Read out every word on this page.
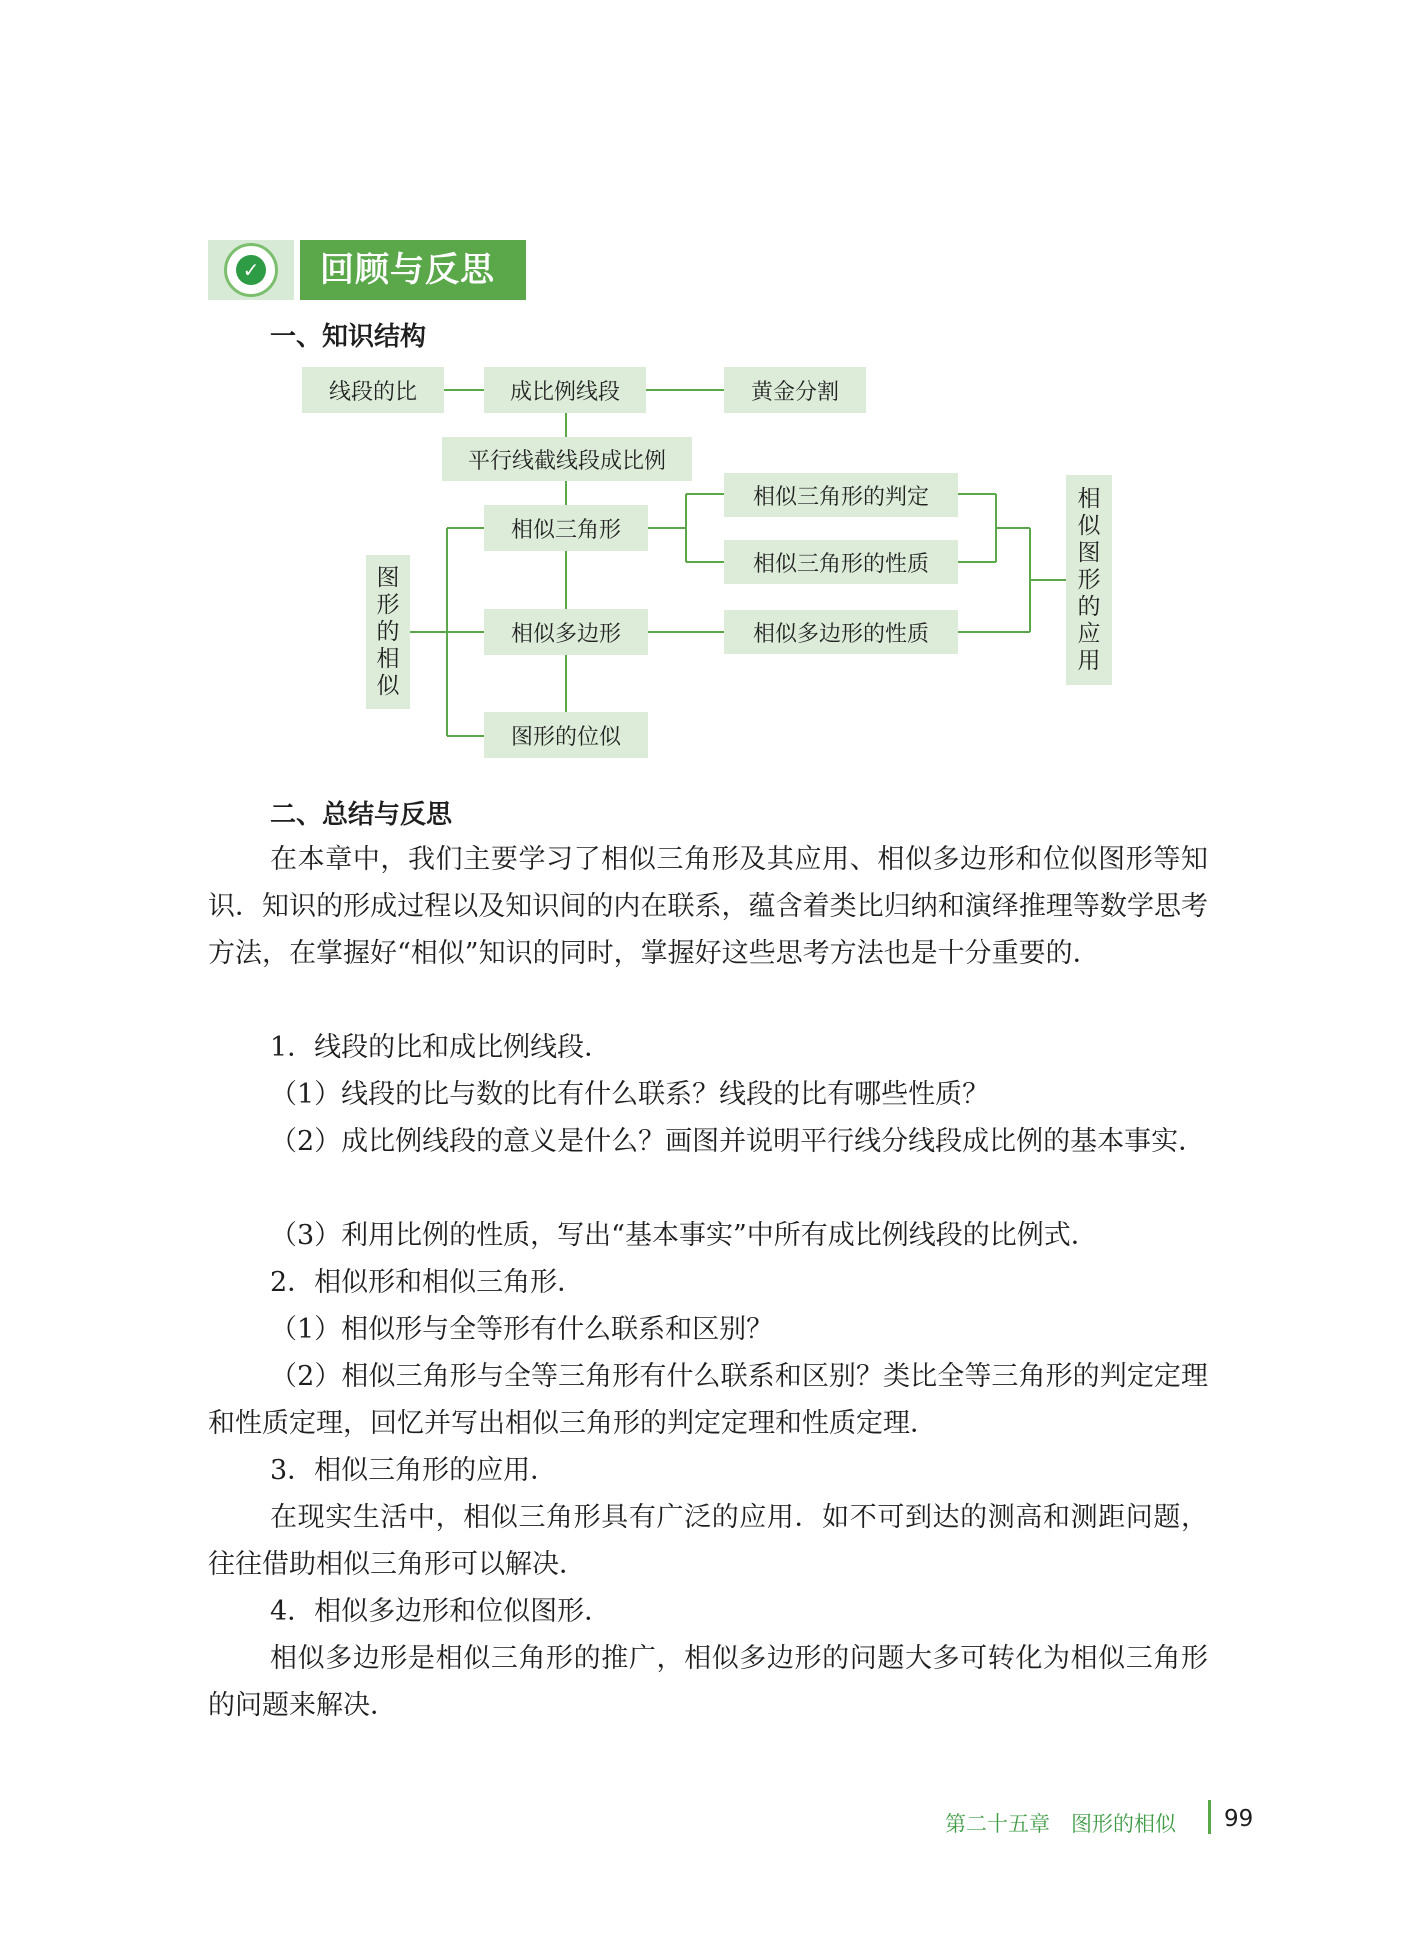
✓	回顾与反思
一、知识结构
线段的比	成比例线段	黄金分割
平行线截线段成比例
相似三角形
相似三角形的判定
相似三角形的性质
相似多边形	相似多边形的性质
图形的位似
图
形
的
相
似
相
似
图
形
的
应
用
二、总结与反思
在本章中，我们主要学习了相似三角形及其应用、相似多边形和位似图形等知识．知识的形成过程以及知识间的内在联系，蕴含着类比归纳和演绎推理等数学思考方法，在掌握好“相似”知识的同时，掌握好这些思考方法也是十分重要的．
1．线段的比和成比例线段．
（1）线段的比与数的比有什么联系？线段的比有哪些性质？
（2）成比例线段的意义是什么？画图并说明平行线分线段成比例的基本事实．
（3）利用比例的性质，写出“基本事实”中所有成比例线段的比例式．
2．相似形和相似三角形．
（1）相似形与全等形有什么联系和区别？
（2）相似三角形与全等三角形有什么联系和区别？类比全等三角形的判定定理和性质定理，回忆并写出相似三角形的判定定理和性质定理．
3．相似三角形的应用．
在现实生活中，相似三角形具有广泛的应用．如不可到达的测高和测距问题，往往借助相似三角形可以解决．
4．相似多边形和位似图形．
相似多边形是相似三角形的推广，相似多边形的问题大多可转化为相似三角形的问题来解决．
第二十五章　图形的相似 99
